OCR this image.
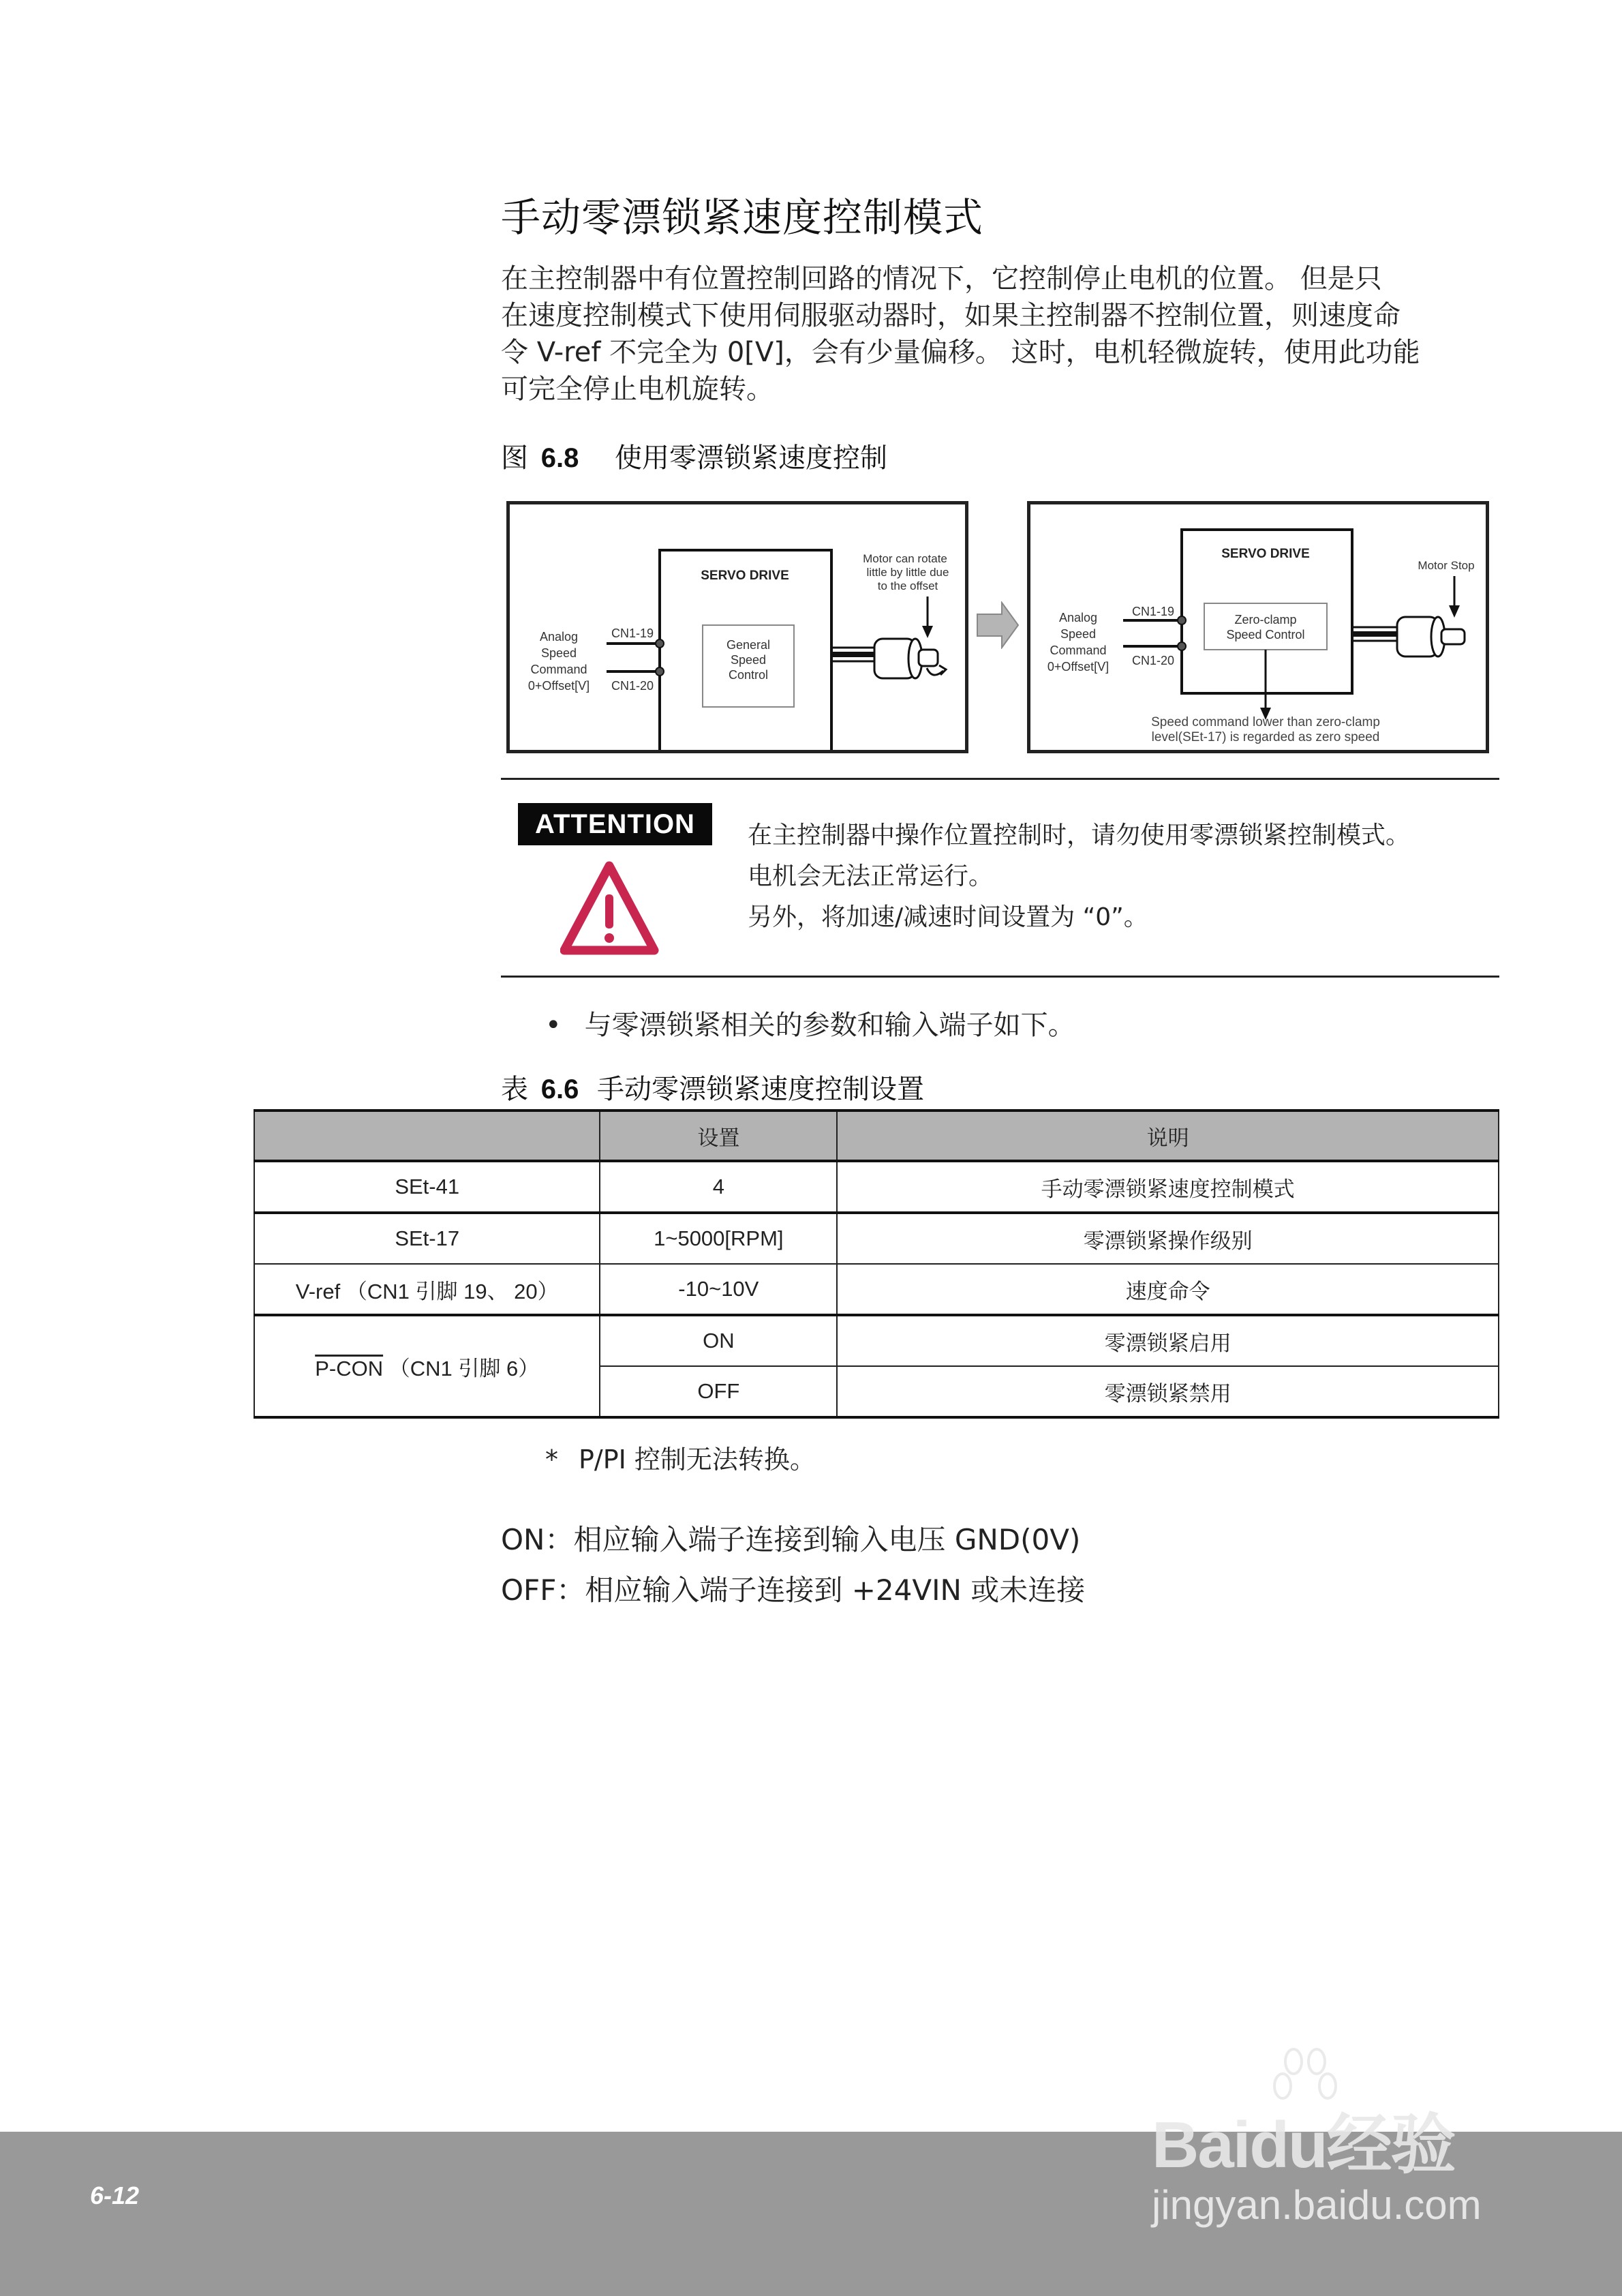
手动零漂锁紧速度控制模式
在主控制器中有位置控制回路的情况下，它控制停止电机的位置。 但是只
在速度控制模式下使用伺服驱动器时，如果主控制器不控制位置，则速度命
令 V-ref 不完全为 0[V]，会有少量偏移。 这时，电机轻微旋转，使用此功能
可完全停止电机旋转。
图 6.8 使用零漂锁紧速度控制
SERVO DRIVE
General
Speed
Control
CN1-19
CN1-20
Analog
Speed
Command
0+Offset[V]
Motor can rotate
little by little due
to the offset
SERVO DRIVE
Zero-clamp
Speed Control
CN1-19
CN1-20
Analog
Speed
Command
0+Offset[V]
Motor Stop
Speed command lower than zero-clamp
level(SEt-17) is regarded as zero speed
ATTENTION	在主控制器中操作位置控制时，请勿使用零漂锁紧控制模式。
电机会无法正常运行。
另外，将加速/减速时间设置为 “0”。
• 与零漂锁紧相关的参数和输入端子如下。
表 6.6 手动零漂锁紧速度控制设置
	设置	说明
SEt-41	4	手动零漂锁紧速度控制模式
SEt-17	1~5000[RPM]	零漂锁紧操作级别
V-ref （CN1 引脚 19、 20）	-10~10V	速度命令
P-CON （CN1 引脚 6）	ON	零漂锁紧启用
	OFF	零漂锁紧禁用
* P/PI 控制无法转换。
ON：相应输入端子连接到输入电压 GND(0V)
OFF：相应输入端子连接到 +24VIN 或未连接
6-12
Baidu经验
jingyan.baidu.com
